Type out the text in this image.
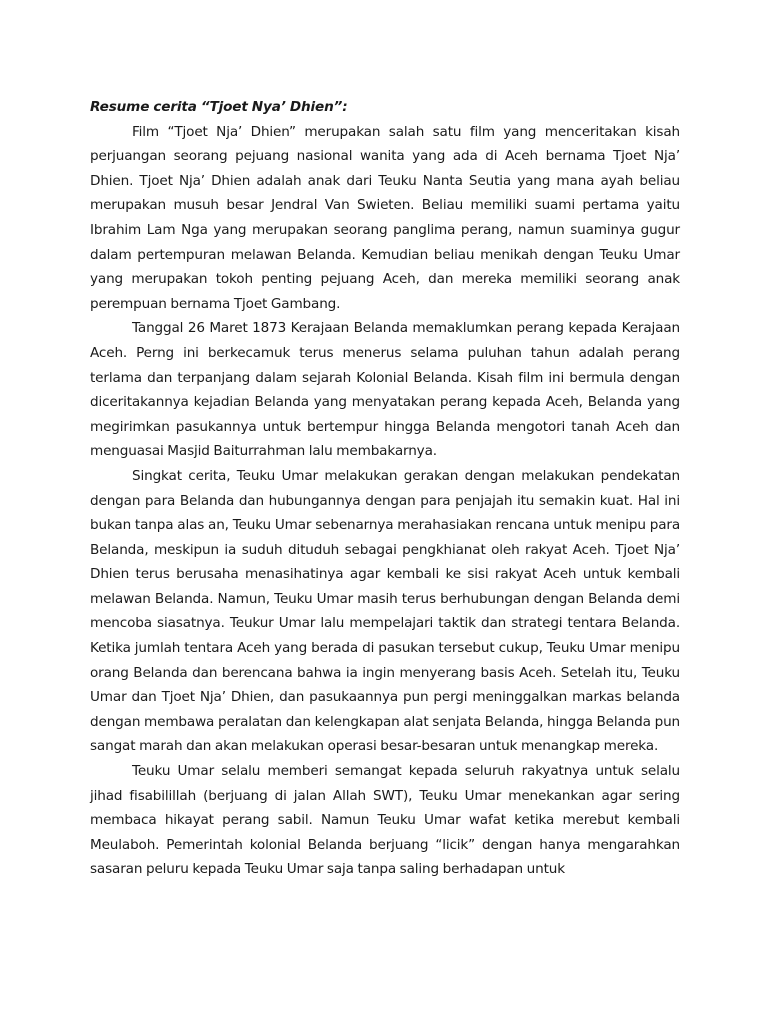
Resume cerita “Tjoet Nya’ Dhien”:

Film “Tjoet Nja’ Dhien” merupakan salah satu film yang menceritakan kisah perjuangan seorang pejuang nasional wanita yang ada di Aceh bernama Tjoet Nja’ Dhien. Tjoet Nja’ Dhien adalah anak dari Teuku Nanta Seutia yang mana ayah beliau merupakan musuh besar Jendral Van Swieten. Beliau memiliki suami pertama yaitu Ibrahim Lam Nga yang merupakan seorang panglima perang, namun suaminya gugur dalam pertempuran melawan Belanda. Kemudian beliau menikah dengan Teuku Umar yang merupakan tokoh penting pejuang Aceh, dan mereka memiliki seorang anak perempuan bernama Tjoet Gambang.

Tanggal 26 Maret 1873 Kerajaan Belanda memaklumkan perang kepada Kerajaan Aceh. Perng ini berkecamuk terus menerus selama puluhan tahun adalah perang terlama dan terpanjang dalam sejarah Kolonial Belanda. Kisah film ini bermula dengan diceritakannya kejadian Belanda yang menyatakan perang kepada Aceh, Belanda yang megirimkan pasukannya untuk bertempur hingga Belanda mengotori tanah Aceh dan menguasai Masjid Baiturrahman lalu membakarnya.

Singkat cerita, Teuku Umar melakukan gerakan dengan melakukan pendekatan dengan para Belanda dan hubungannya dengan para penjajah itu semakin kuat. Hal ini bukan tanpa alas an, Teuku Umar sebenarnya merahasiakan rencana untuk menipu para Belanda, meskipun ia suduh dituduh sebagai pengkhianat oleh rakyat Aceh. Tjoet Nja’ Dhien terus berusaha menasihatinya agar kembali ke sisi rakyat Aceh untuk kembali melawan Belanda. Namun, Teuku Umar masih terus berhubungan dengan Belanda demi mencoba siasatnya. Teukur Umar lalu mempelajari taktik dan strategi tentara Belanda. Ketika jumlah tentara Aceh yang berada di pasukan tersebut cukup, Teuku Umar menipu orang Belanda dan berencana bahwa ia ingin menyerang basis Aceh. Setelah itu, Teuku Umar dan Tjoet Nja’ Dhien, dan pasukaannya pun pergi meninggalkan markas belanda dengan membawa peralatan dan kelengkapan alat senjata Belanda, hingga Belanda pun sangat marah dan akan melakukan operasi besar-besaran untuk menangkap mereka.

Teuku Umar selalu memberi semangat kepada seluruh rakyatnya untuk selalu jihad fisabilillah (berjuang di jalan Allah SWT), Teuku Umar menekankan agar sering membaca hikayat perang sabil. Namun Teuku Umar wafat ketika merebut kembali Meulaboh. Pemerintah kolonial Belanda berjuang “licik” dengan hanya mengarahkan sasaran peluru kepada Teuku Umar saja tanpa saling berhadapan untuk
